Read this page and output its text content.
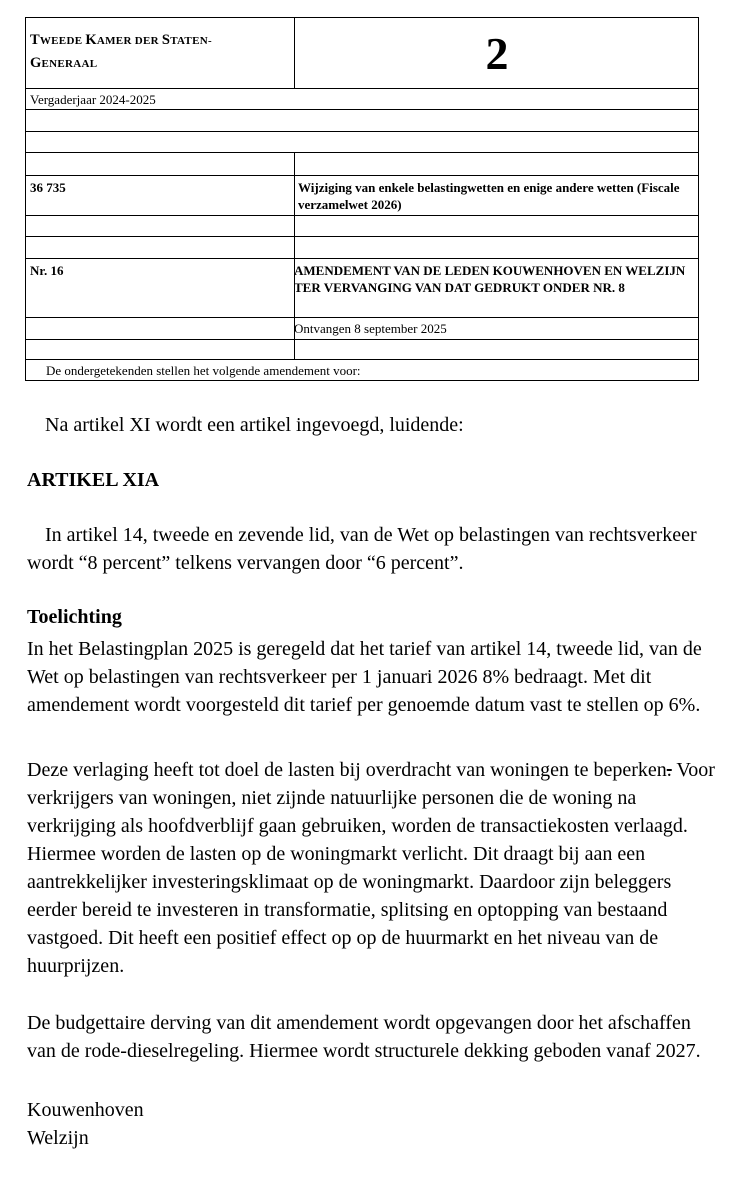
TWEEDE KAMER DER STATEN-
GENERAAL	2
Vergaderjaar 2024-2025
36 735	Wijziging van enkele belastingwetten en enige andere wetten (Fiscale verzamelwet 2026)
Nr. 16	AMENDEMENT VAN DE LEDEN KOUWENHOVEN EN WELZIJN TER VERVANGING VAN DAT GEDRUKT ONDER NR. 8
Ontvangen 8 september 2025
De ondergetekenden stellen het volgende amendement voor:

Na artikel XI wordt een artikel ingevoegd, luidende:

ARTIKEL XIA

In artikel 14, tweede en zevende lid, van de Wet op belastingen van rechtsverkeer wordt “8 percent” telkens vervangen door “6 percent”.

Toelichting

In het Belastingplan 2025 is geregeld dat het tarief van artikel 14, tweede lid, van de Wet op belastingen van rechtsverkeer per 1 januari 2026 8% bedraagt. Met dit amendement wordt voorgesteld dit tarief per genoemde datum vast te stellen op 6%.

Deze verlaging heeft tot doel de lasten bij overdracht van woningen te beperken. Voor verkrijgers van woningen, niet zijnde natuurlijke personen die de woning na verkrijging als hoofdverblijf gaan gebruiken, worden de transactiekosten verlaagd. Hiermee worden de lasten op de woningmarkt verlicht. Dit draagt bij aan een aantrekkelijker investeringsklimaat op de woningmarkt. Daardoor zijn beleggers eerder bereid te investeren in transformatie, splitsing en optopping van bestaand vastgoed. Dit heeft een positief effect op op de huurmarkt en het niveau van de huurprijzen.

De budgettaire derving van dit amendement wordt opgevangen door het afschaffen van de rode-dieselregeling. Hiermee wordt structurele dekking geboden vanaf 2027.

Kouwenhoven

Welzijn
